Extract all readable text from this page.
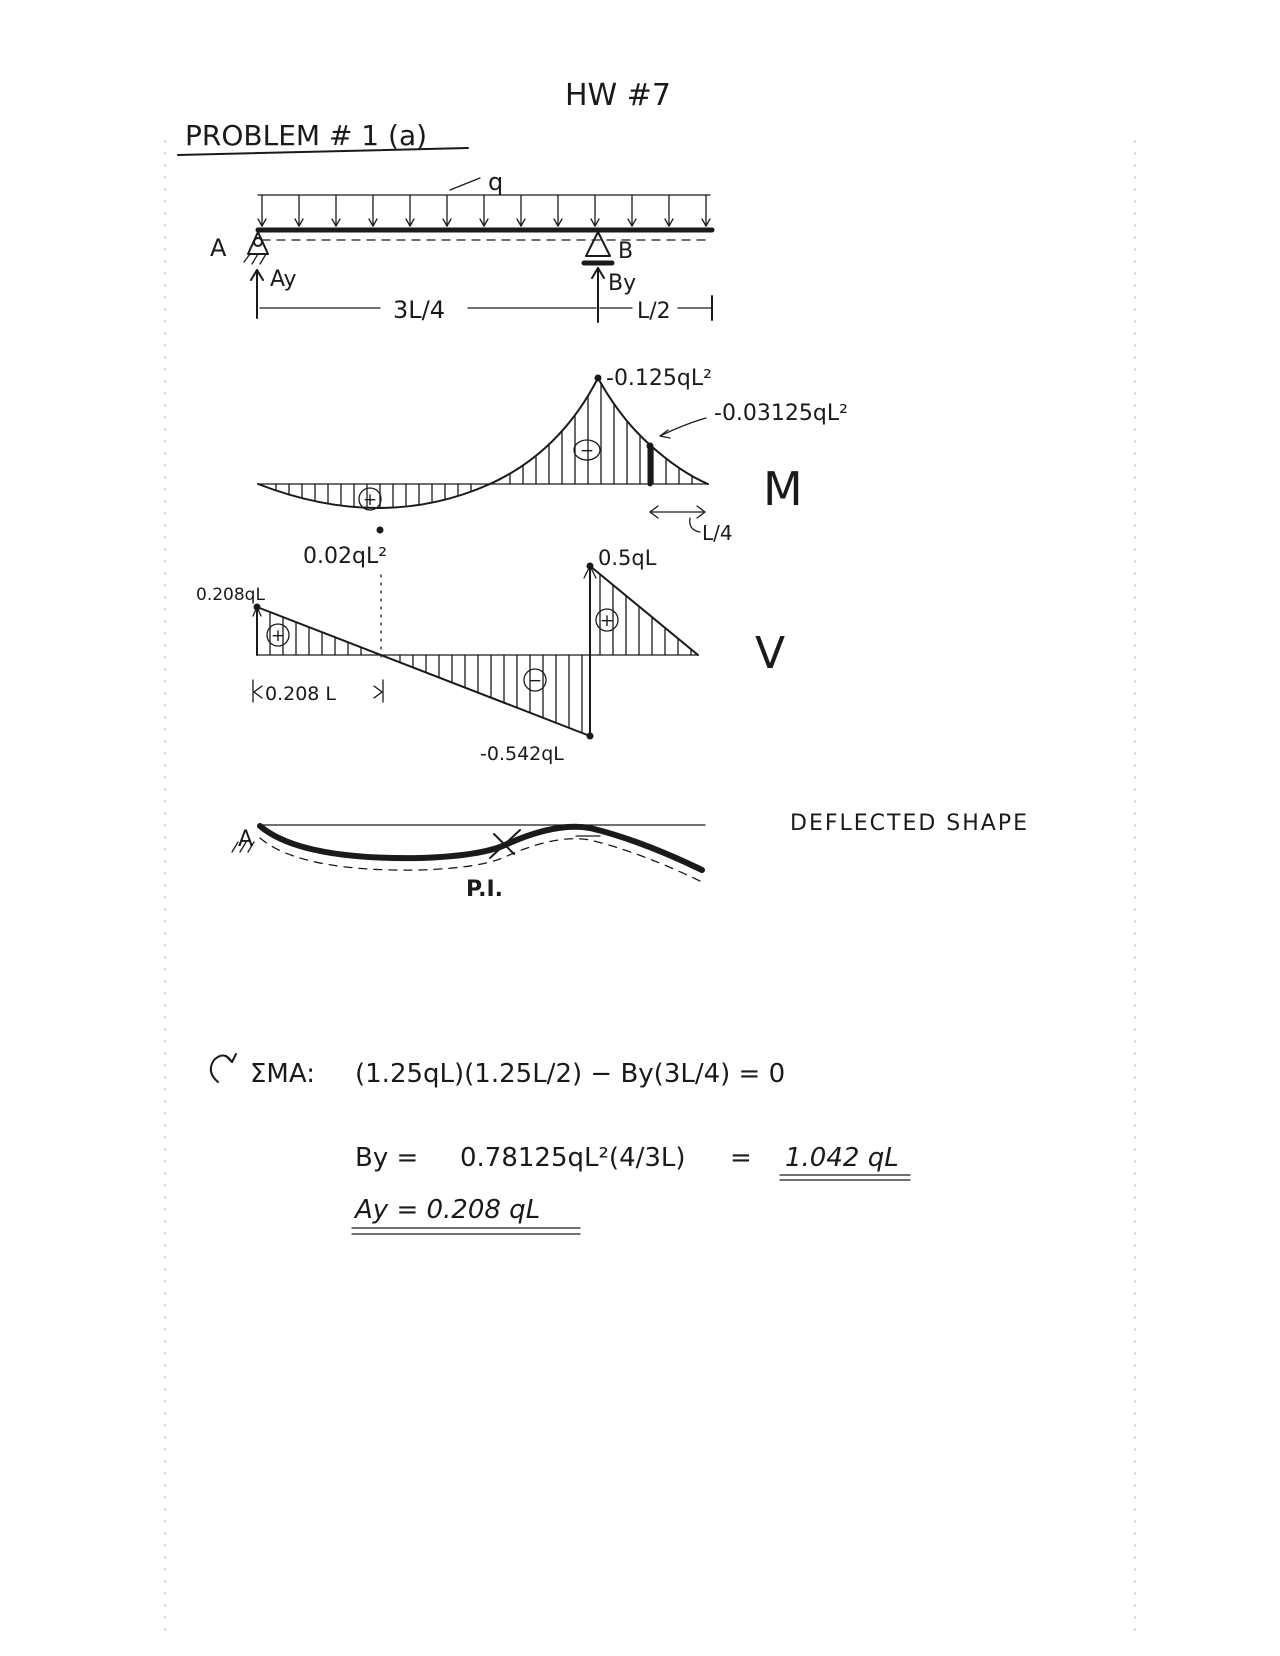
HW #7
PROBLEM # 1 (a)
q
A	B
Ay	By
3L/4	L/2
+
−
-0.125qL²
-0.03125qL²
0.02qL²
M
L/4
+
+
−
0.208qL
0.5qL
-0.542qL
V
0.208 L
A
P.I.
DEFLECTED SHAPE
ΣMA: (1.25qL)(1.25L/2) − By(3L/4) = 0
By = 0.78125qL²(4/3L) = 1.042 qL
Ay = 0.208 qL
